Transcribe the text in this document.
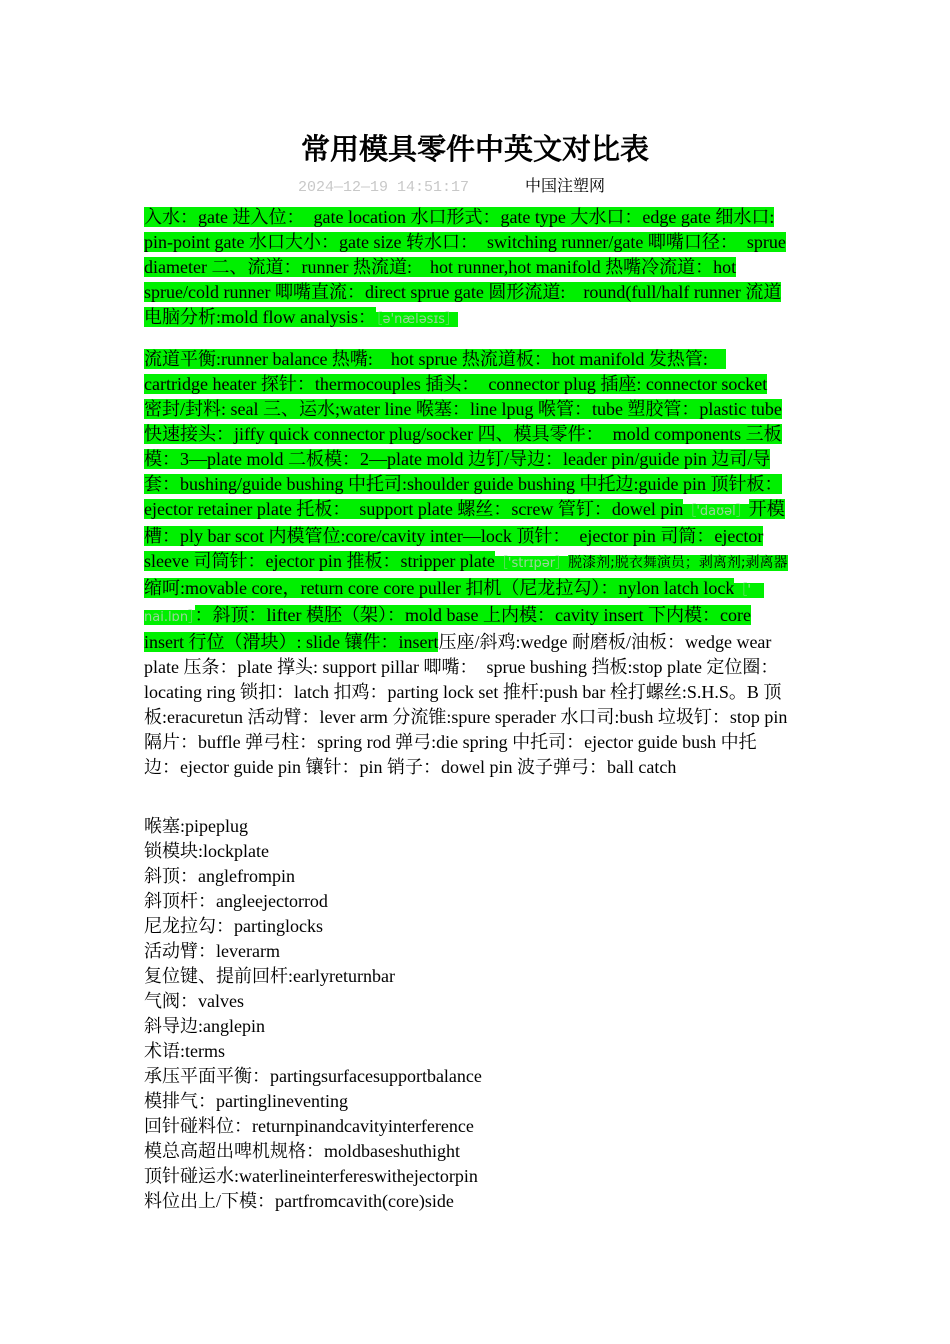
常用模具零件中英文对比表
2024—12—19 14:51:17	中国注塑网
入水：gate 进入位：　gate location 水口形式：gate type 大水口：edge gate 细水口: pin-point gate 水口大小：gate size 转水口：　switching runner/gate 唧嘴口径：　sprue diameter 二、流道：runner 热流道:　hot runner,hot manifold 热嘴冷流道：hot sprue/cold runner 唧嘴直流：direct sprue gate 圆形流道:　round(full/half runner 流道电脑分析:mold flow analysis：［ə'næləsɪs］
流道平衡:runner balance 热嘴:　hot sprue 热流道板：hot manifold 发热管:　cartridge heater 探针：thermocouples 插头：　connector plug 插座: connector socket 密封/封料: seal 三、运水;water line 喉塞：line lpug 喉管：tube 塑胶管：plastic tube 快速接头：jiffy quick connector plug/socker 四、模具零件：　mold components 三板模：3—plate mold 二板模：2—plate mold 边钉/导边：leader pin/guide pin 边司/导套：bushing/guide bushing 中托司:shoulder guide bushing 中托边:guide pin 顶针板：ejector retainer plate 托板：　support plate 螺丝：screw 管钉：dowel pin［'daʊəl］开模槽：ply bar scot 内模管位:core/cavity inter—lock 顶针：　ejector pin 司筒：ejector sleeve 司筒针：ejector pin 推板：stripper plate［'strɪpər］脱漆剂;脱衣舞演员；剥离剂;剥离器缩呵:movable core，return core core puller 扣机（尼龙拉勾）：nylon latch lock［'　nai.lɒn］：斜顶：lifter 模胚（架）：mold base 上内模：cavity insert 下内模：core insert 行位（滑块）: slide 镶件：insert压座/斜鸡:wedge 耐磨板/油板：wedge wear plate 压条：plate 撑头: support pillar 唧嘴：　sprue bushing 挡板:stop plate 定位圈：locating ring 锁扣：latch 扣鸡：parting lock set 推杆:push bar 栓打螺丝:S.H.S。B 顶板:eracuretun 活动臂：lever arm 分流锥:spure sperader 水口司:bush 垃圾钉：stop pin 隔片：buffle 弹弓柱：spring rod 弹弓:die spring 中托司：ejector guide bush 中托边：ejector guide pin 镶针：pin 销子：dowel pin 波子弹弓：ball catch
喉塞:pipeplug
锁模块:lockplate
斜顶：anglefrompin
斜顶杆：angleejectorrod
尼龙拉勾：partinglocks
活动臂：leverarm
复位键、提前回杆:earlyreturnbar
气阀：valves
斜导边:anglepin
术语:terms
承压平面平衡：partingsurfacesupportbalance
模排气：partinglineventing
回针碰料位：returnpinandcavityinterference
模总高超出啤机规格：moldbaseshuthight
顶针碰运水:waterlineinterfereswithejectorpin
料位出上/下模：partfromcavith(core)side
